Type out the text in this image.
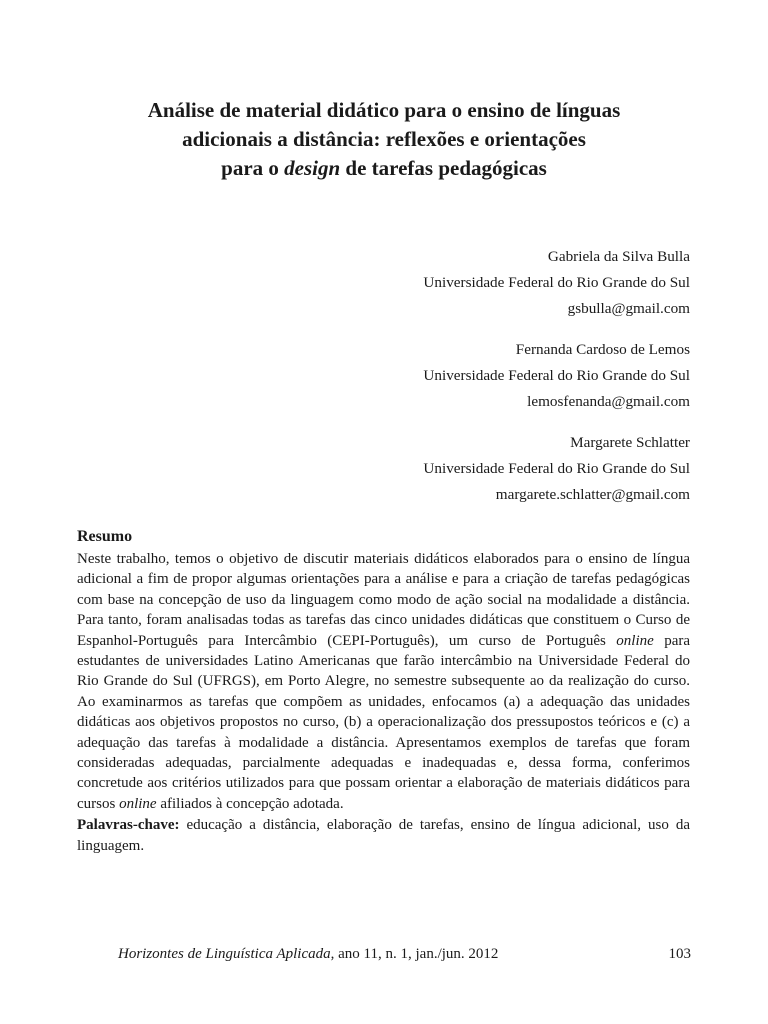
Análise de material didático para o ensino de línguas
adicionais a distância: reflexões e orientações
para o design de tarefas pedagógicas
Gabriela da Silva Bulla
Universidade Federal do Rio Grande do Sul
gsbulla@gmail.com
Fernanda Cardoso de Lemos
Universidade Federal do Rio Grande do Sul
lemosfenanda@gmail.com
Margarete Schlatter
Universidade Federal do Rio Grande do Sul
margarete.schlatter@gmail.com
Resumo

Neste trabalho, temos o objetivo de discutir materiais didáticos elaborados para o ensino de língua adicional a fim de propor algumas orientações para a análise e para a criação de tarefas pedagógicas com base na concepção de uso da linguagem como modo de ação social na modalidade a distância. Para tanto, foram analisadas todas as tarefas das cinco unidades didáticas que constituem o Curso de Espanhol-Português para Intercâmbio (CEPI-Português), um curso de Português online para estudantes de universidades Latino Americanas que farão intercâmbio na Universidade Federal do Rio Grande do Sul (UFRGS), em Porto Alegre, no semestre subsequente ao da realização do curso. Ao examinarmos as tarefas que compõem as unidades, enfocamos (a) a adequação das unidades didáticas aos objetivos propostos no curso, (b) a operacionalização dos pressupostos teóricos e (c) a adequação das tarefas à modalidade a distância. Apresentamos exemplos de tarefas que foram consideradas adequadas, parcialmente adequadas e inadequadas e, dessa forma, conferimos concretude aos critérios utilizados para que possam orientar a elaboração de materiais didáticos para cursos online afiliados à concepção adotada.

Palavras-chave: educação a distância, elaboração de tarefas, ensino de língua adicional, uso da linguagem.

Horizontes de Linguística Aplicada, ano 11, n. 1, jan./jun. 2012	103
